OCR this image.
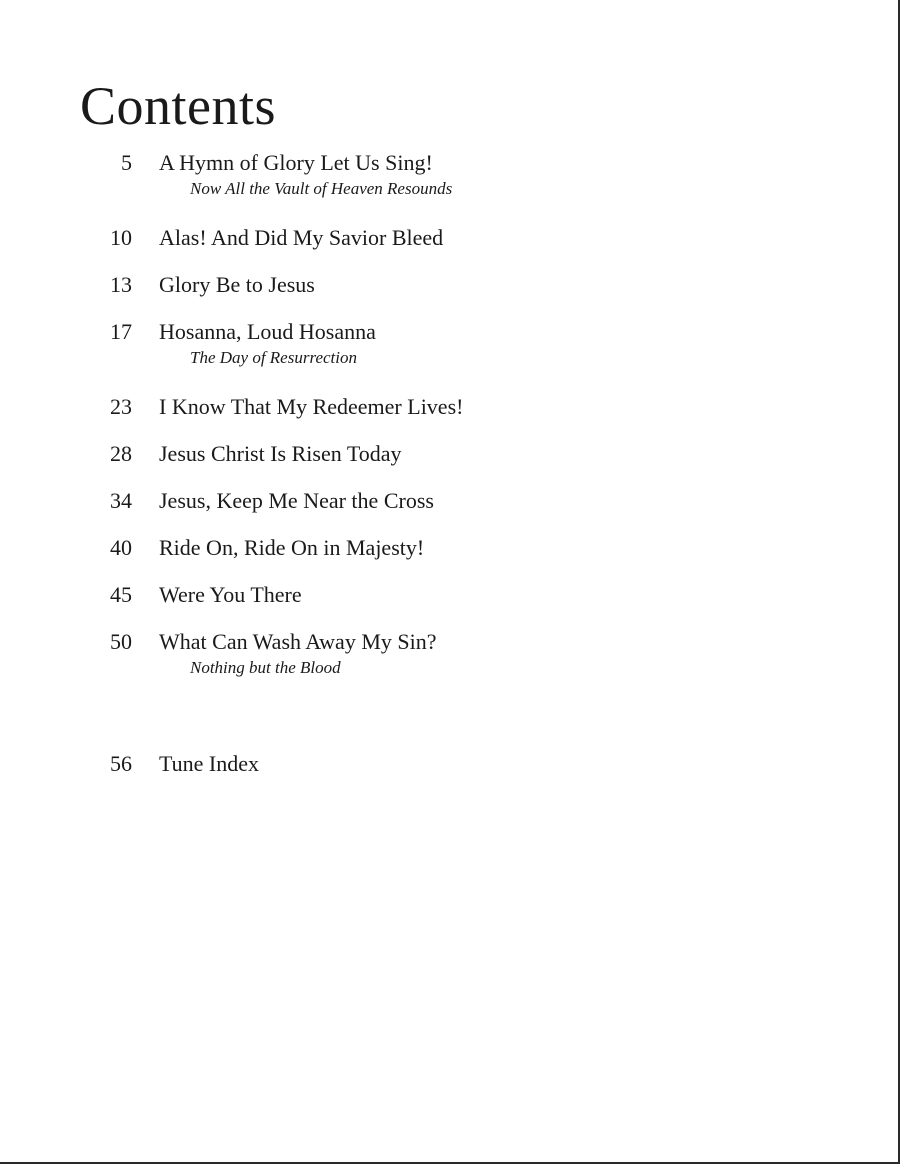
Contents
5 A Hymn of Glory Let Us Sing!
Now All the Vault of Heaven Resounds
10 Alas! And Did My Savior Bleed
13 Glory Be to Jesus
17 Hosanna, Loud Hosanna
The Day of Resurrection
23 I Know That My Redeemer Lives!
28 Jesus Christ Is Risen Today
34 Jesus, Keep Me Near the Cross
40 Ride On, Ride On in Majesty!
45 Were You There
50 What Can Wash Away My Sin?
Nothing but the Blood
56 Tune Index
